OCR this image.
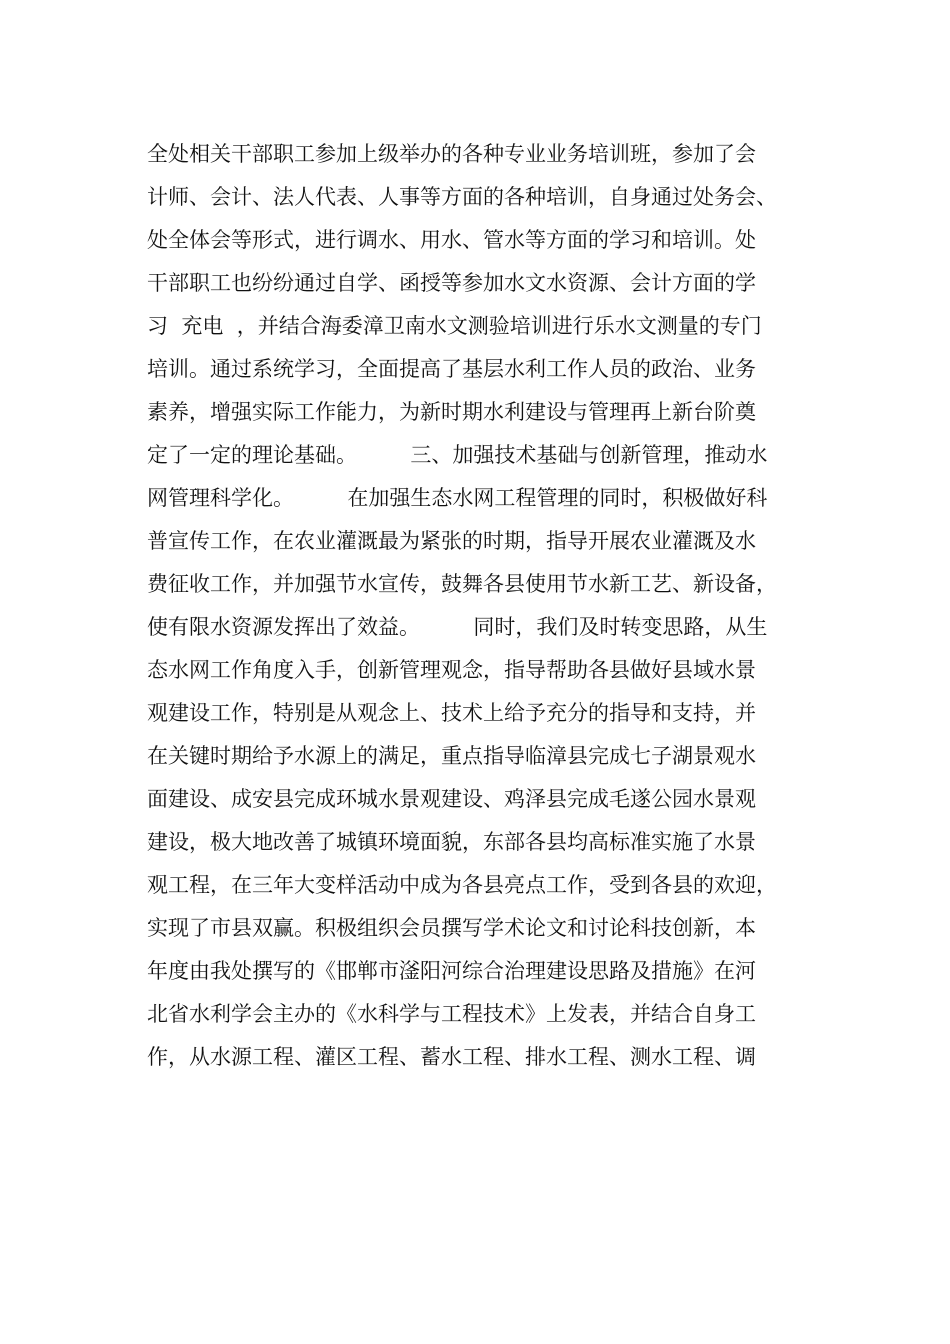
全处相关干部职工参加上级举办的各种专业业务培训班，参加了会
计师、会计、法人代表、人事等方面的各种培训，自身通过处务会、
处全体会等形式，进行调水、用水、管水等方面的学习和培训。处
干部职工也纷纷通过自学、函授等参加水文水资源、会计方面的学
习  充电  ，并结合海委漳卫南水文测验培训进行乐水文测量的专门
培训。通过系统学习，全面提高了基层水利工作人员的政治、业务
素养，增强实际工作能力，为新时期水利建设与管理再上新台阶奠
定了一定的理论基础。        三、加强技术基础与创新管理，推动水
网管理科学化。        在加强生态水网工程管理的同时，积极做好科
普宣传工作，在农业灌溉最为紧张的时期，指导开展农业灌溉及水
费征收工作，并加强节水宣传，鼓舞各县使用节水新工艺、新设备，
使有限水资源发挥出了效益。        同时，我们及时转变思路，从生
态水网工作角度入手，创新管理观念，指导帮助各县做好县域水景
观建设工作，特别是从观念上、技术上给予充分的指导和支持，并
在关键时期给予水源上的满足，重点指导临漳县完成七子湖景观水
面建设、成安县完成环城水景观建设、鸡泽县完成毛遂公园水景观
建设，极大地改善了城镇环境面貌，东部各县均高标准实施了水景
观工程，在三年大变样活动中成为各县亮点工作，受到各县的欢迎，
实现了市县双赢。积极组织会员撰写学术论文和讨论科技创新，本
年度由我处撰写的《邯郸市滏阳河综合治理建设思路及措施》在河
北省水利学会主办的《水科学与工程技术》上发表，并结合自身工
作，从水源工程、灌区工程、蓄水工程、排水工程、测水工程、调
